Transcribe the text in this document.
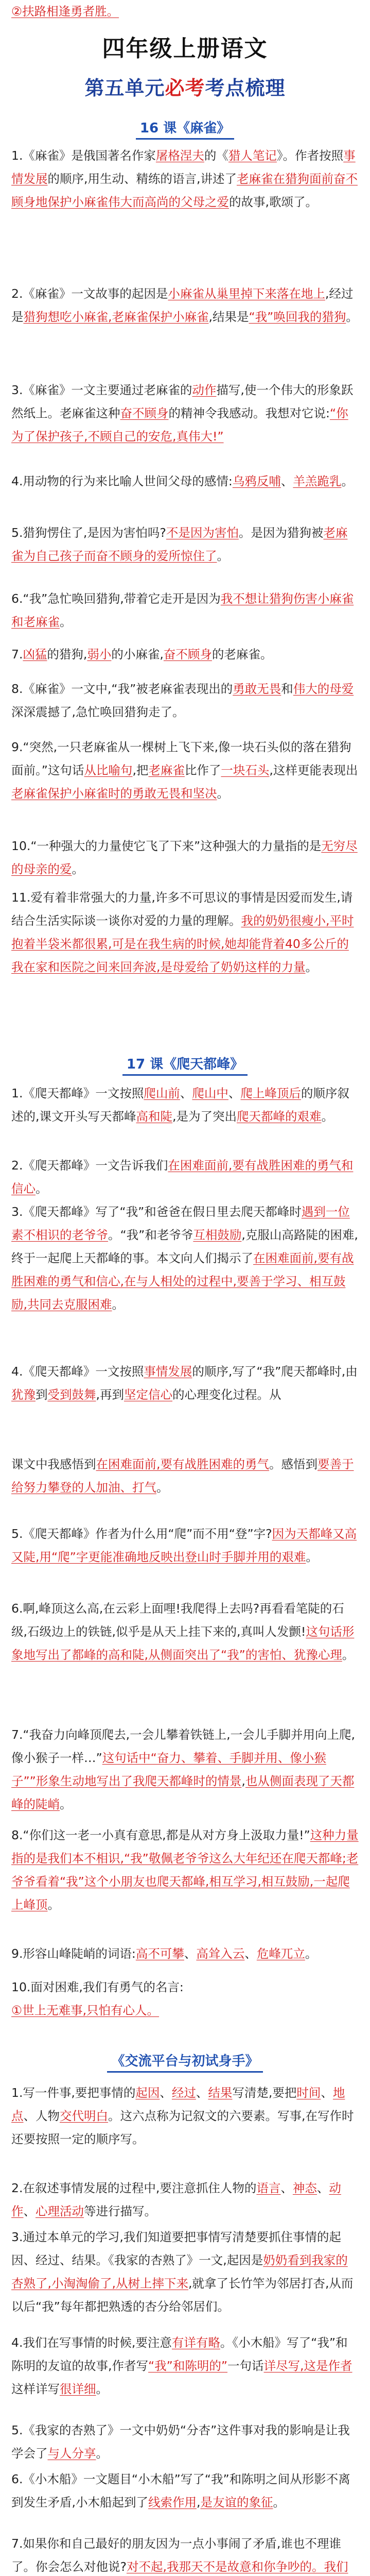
四年级上册语文
第五单元必考考点梳理
16 课《麻雀》
1.《麻雀》是俄国著名作家屠格涅夫的《猎人笔记》。作者按照事情发展的顺序,用生动、精练的语言,讲述了老麻雀在猎狗面前奋不顾身地保护小麻雀伟大而高尚的父母之爱的故事,歌颂了。
2.《麻雀》一文故事的起因是小麻雀从巢里掉下来落在地上,经过是猎狗想吃小麻雀,老麻雀保护小麻雀,结果是“我”唤回我的猎狗。
3.《麻雀》一文主要通过老麻雀的动作描写,使一个伟大的形象跃然纸上。老麻雀这种奋不顾身的精神令我感动。我想对它说:“你为了保护孩子,不顾自己的安危,真伟大!”
4.用动物的行为来比喻人世间父母的感情:乌鸦反哺、羊羔跪乳。
5.猎狗愣住了,是因为害怕吗?不是因为害怕。是因为猎狗被老麻雀为自己孩子而奋不顾身的爱所惊住了。
6.“我”急忙唤回猎狗,带着它走开是因为我不想让猎狗伤害小麻雀和老麻雀。
7.凶猛的猎狗,弱小的小麻雀,奋不顾身的老麻雀。
8.《麻雀》一文中,“我”被老麻雀表现出的勇敢无畏和伟大的母爱深深震撼了,急忙唤回猎狗走了。
9.“突然,一只老麻雀从一棵树上飞下来,像一块石头似的落在猎狗面前。”这句话从比喻句,把老麻雀比作了一块石头,这样更能表现出老麻雀保护小麻雀时的勇敢无畏和坚决。
10.“一种强大的力量使它飞了下来”这种强大的力量指的是无穷尽的母亲的爱。
11.爱有着非常强大的力量,许多不可思议的事情是因爱而发生,请结合生活实际谈一谈你对爱的力量的理解。我的奶奶很瘦小,平时抱着半袋米都很累,可是在我生病的时候,她却能背着40多公斤的我在家和医院之间来回奔波,是母爱给了奶奶这样的力量。
17 课《爬天都峰》
1.《爬天都峰》一文按照爬山前、爬山中、爬上峰顶后的顺序叙述的,课文开头写天都峰高和陡,是为了突出爬天都峰的艰难。
2.《爬天都峰》一文告诉我们在困难面前,要有战胜困难的勇气和信心。
3.《爬天都峰》写了“我”和爸爸在假日里去爬天都峰时遇到一位素不相识的老爷爷。“我”和老爷爷互相鼓励,克服山高路陡的困难,终于一起爬上天都峰的事。本文向人们揭示了在困难面前,要有战胜困难的勇气和信心,在与人相处的过程中,要善于学习、相互鼓励,共同去克服困难。
4.《爬天都峰》一文按照事情发展的顺序,写了“我”爬天都峰时,由犹豫到受到鼓舞,再到坚定信心的心理变化过程。从
课文中我感悟到在困难面前,要有战胜困难的勇气。感悟到要善于给努力攀登的人加油、打气。
5.《爬天都峰》作者为什么用“爬”而不用“登”字?因为天都峰又高又陡,用“爬”字更能准确地反映出登山时手脚并用的艰难。
6.啊,峰顶这么高,在云彩上面哩!我爬得上去吗?再看看笔陡的石级,石级边上的铁链,似乎是从天上挂下来的,真叫人发颤!这句话形象地写出了都峰的高和陡,从侧面突出了“我”的害怕、犹豫心理。
7.“我奋力向峰顶爬去,一会儿攀着铁链上,一会儿手脚并用向上爬,像小猴子一样…”这句话中“奋力、攀着、手脚并用、像小猴子””形象生动地写出了我爬天都峰时的情景,也从侧面表现了天都峰的陡峭。
8.“你们这一老一小真有意思,都是从对方身上汲取力量!”这种力量指的是我们本不相识,“我”敬佩老爷爷这么大年纪还在爬天都峰;老爷爷看着“我”这个小朋友也爬天都峰,相互学习,相互鼓励,一起爬上峰顶。
9.形容山峰陡峭的词语:高不可攀、高耸入云、危峰兀立。
10.面对困难,我们有勇气的名言:
①世上无难事,只怕有心人。
②扶路相逢勇者胜。
《交流平台与初试身手》
1.写一件事,要把事情的起因、经过、结果写清楚,要把时间、地点、人物交代明白。这六点称为记叙文的六要素。写事,在写作时还要按照一定的顺序写。
2.在叙述事情发展的过程中,要注意抓住人物的语言、神态、动作、心理活动等进行描写。
3.通过本单元的学习,我们知道要把事情写清楚要抓住事情的起因、经过、结果。《我家的杏熟了》一文,起因是奶奶看到我家的杏熟了,小淘淘偷了,从树上摔下来,就拿了长竹竿为邻居打杏,从而以后“我”每年都把熟透的杏分给邻居们。
4.我们在写事情的时候,要注意有详有略。《小木船》写了“我”和陈明的友谊的故事,作者写“我”和陈明的”一句话详尽写,这是作者这样详写很详细。
5.《我家的杏熟了》一文中奶奶“分杏”这件事对我的影响是让我学会了与人分享。
6.《小木船》一文题目“小木船”写了“我”和陈明之间从形影不离到发生矛盾,小木船起到了线索作用,是友谊的象征。
7.如果你和自己最好的朋友因为一点小事闹了矛盾,谁也不理谁了。你会怎么对他说?对不起,我那天不是故意和你争吵的。我们
